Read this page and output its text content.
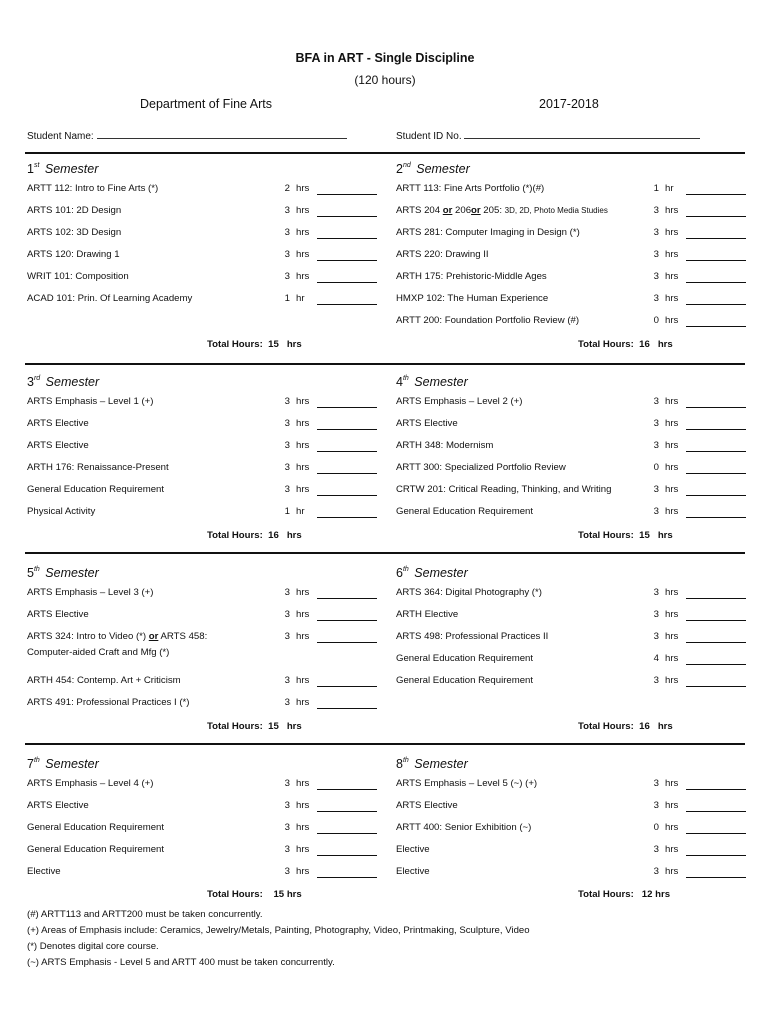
BFA in ART - Single Discipline
(120 hours)
Department of Fine Arts	2017-2018
Student Name:	Student ID No.
1st Semester	2nd Semester
3rd Semester	4th Semester
5th Semester	6th Semester
7th Semester	8th Semester
ARTT 112: Intro to Fine Arts (*)	2 hrs
ARTS 101: 2D Design	3 hrs
ARTS 102: 3D Design	3 hrs
ARTS 120: Drawing 1	3 hrs
WRIT 101: Composition	3 hrs
ACAD 101: Prin. Of Learning Academy	1 hr
Total Hours: 15 hrs
ARTT 113: Fine Arts Portfolio (*)(#)	1 hr
ARTS 204 or 206or 205: 3D, 2D, Photo Media Studies	3 hrs
ARTS 281: Computer Imaging in Design (*)	3 hrs
ARTS 220: Drawing II	3 hrs
ARTH 175: Prehistoric-Middle Ages	3 hrs
HMXP 102: The Human Experience	3 hrs
ARTT 200: Foundation Portfolio Review (#)	0 hrs
Total Hours: 16 hrs
ARTS Emphasis – Level 1 (+)	3 hrs
ARTS Elective	3 hrs
ARTS Elective	3 hrs
ARTH 176: Renaissance-Present	3 hrs
General Education Requirement	3 hrs
Physical Activity	1 hr
Total Hours: 16 hrs
ARTS Emphasis – Level 2 (+)	3 hrs
ARTS Elective	3 hrs
ARTH 348: Modernism	3 hrs
ARTT 300: Specialized Portfolio Review	0 hrs
CRTW 201: Critical Reading, Thinking, and Writing	3 hrs
General Education Requirement	3 hrs
Total Hours: 15 hrs
ARTS Emphasis – Level 3 (+)	3 hrs
ARTS Elective	3 hrs
ARTS 324: Intro to Video (*) or ARTS 458:
Computer-aided Craft and Mfg (*)
3 hrs
ARTH 454: Contemp. Art + Criticism	3 hrs
ARTS 491: Professional Practices I (*)	3 hrs
Total Hours: 15 hrs
ARTS 364: Digital Photography (*)	3 hrs
ARTH Elective	3 hrs
ARTS 498: Professional Practices II	3 hrs
General Education Requirement	4 hrs
General Education Requirement	3 hrs
Total Hours: 16 hrs
ARTS Emphasis – Level 4 (+)	3 hrs
ARTS Elective	3 hrs
General Education Requirement	3 hrs
General Education Requirement	3 hrs
Elective	3 hrs
Total Hours: 15 hrs
ARTS Emphasis – Level 5 (~) (+)	3 hrs
ARTS Elective	3 hrs
ARTT 400: Senior Exhibition (~)	0 hrs
Elective	3 hrs
Elective	3 hrs
Total Hours: 12 hrs
(#) ARTT113 and ARTT200 must be taken concurrently.
(+) Areas of Emphasis include: Ceramics, Jewelry/Metals, Painting, Photography, Video, Printmaking, Sculpture, Video
(*) Denotes digital core course.
(~) ARTS Emphasis - Level 5 and ARTT 400 must be taken concurrently.
